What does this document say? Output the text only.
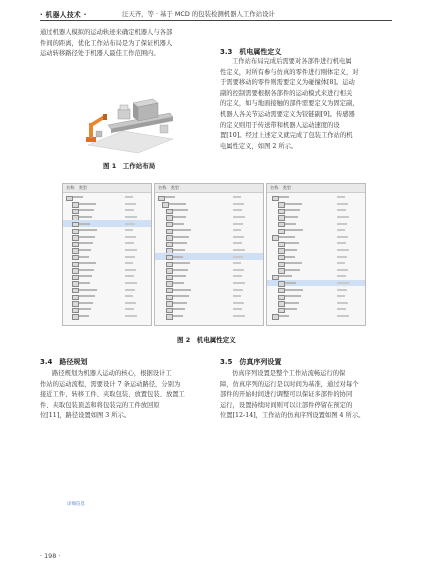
· 机器人技术 ·	汪天齐，等 · 基于 MCD 的包装检测机器人工作站设计
通过机器人模拟的运动轨迹来确定机器人与各部
件间的距离，优化工作站布局是为了保证机器人
运动转移路径处于机器人最佳工作范围内。
图 1　工作站布局
3.3　机电属性定义
工作站布局完成后需要对各部件进行机电属
性定义，对所有参与仿真的零件进行刚体定义，对
于需要移动的零件则需要定义为碰撞体[8]。运动
副的控制需要根据各部件的运动模式来进行相关
的定义，如与地面接触的部件需要定义为固定副，
机器人各关节运动需要定义为铰链副[9]。传感器
的定义则用于传送带和机器人运动速度的设
置[10]。经过上述定义就完成了包装工作站的机
电属性定义，如图 2 所示。
名称　类型
详细信息
名称　类型	名称　类型
图 2　机电属性定义
3.4　路径规划
路径规划为机器人运动的核心，根据设计工
作站的运动流程，需要设计 7 条运动路径，分别为
接近工件、转移工件、夹取包装、放置包装、放置工
件、夹取包装顶盖和将包装完的工件放回原
位[11]，路径设置如图 3 所示。
3.5　仿真序列设置
仿真序列设置是整个工作站流畅运行的保
障，仿真序列的运行是以时间为基准，通过对每个
部件的开始时间进行调整可以保证多部件的协同
运行，设置持续时间则可以让部件停留在预定的
位置[12-14]，工作站的仿真序列设置如图 4 所示。
· 198 ·
